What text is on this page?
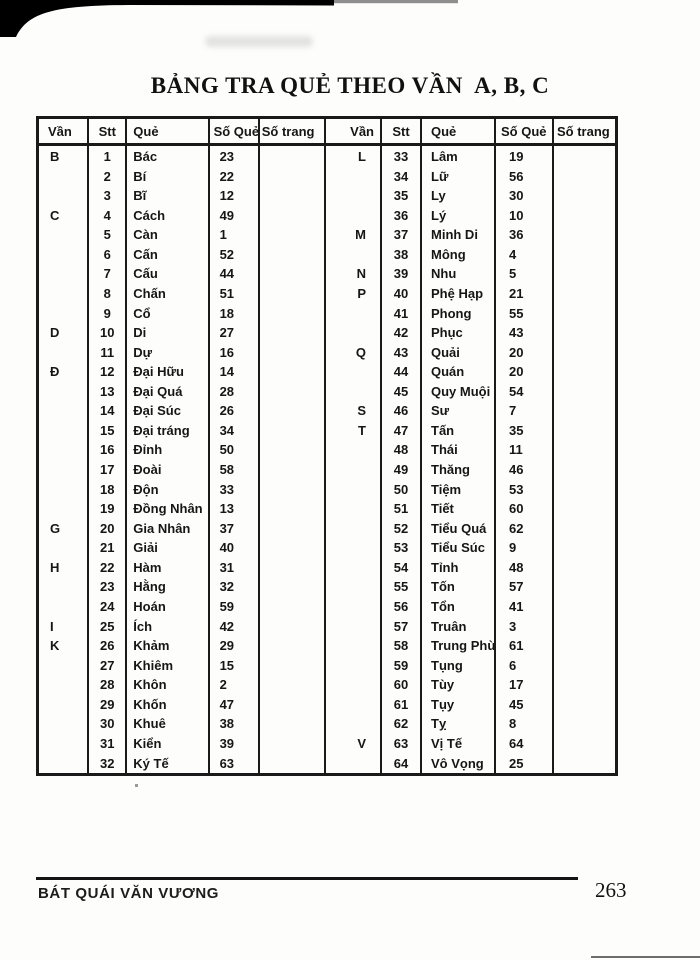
BẢNG TRA QUẺ THEO VẦN  A, B, C
Vần	Stt	Quẻ	Số Quẻ	Số trang
B	1	Bác	23	
	2	Bí	22	
	3	Bĩ	12	
C	4	Cách	49	
	5	Càn	1	
	6	Cấn	52	
	7	Cấu	44	
	8	Chấn	51	
	9	Cổ	18	
D	10	Di	27	
	11	Dự	16	
Đ	12	Đại Hữu	14	
	13	Đại Quá	28	
	14	Đại Súc	26	
	15	Đại tráng	34	
	16	Đỉnh	50	
	17	Đoài	58	
	18	Độn	33	
	19	Đồng Nhân	13	
G	20	Gia Nhân	37	
	21	Giải	40	
H	22	Hàm	31	
	23	Hằng	32	
	24	Hoán	59	
I	25	Ích	42	
K	26	Khảm	29	
	27	Khiêm	15	
	28	Khôn	2	
	29	Khốn	47	
	30	Khuê	38	
	31	Kiển	39	
	32	Ký Tế	63	
Vần	Stt	Quẻ	Số Quẻ	Số trang
L	33	Lâm	19	
	34	Lữ	56	
	35	Ly	30	
	36	Lý	10	
M	37	Minh Di	36	
	38	Mông	4	
N	39	Nhu	5	
P	40	Phệ Hạp	21	
	41	Phong	55	
	42	Phục	43	
Q	43	Quải	20	
	44	Quán	20	
	45	Quy Muội	54	
S	46	Sư	7	
T	47	Tấn	35	
	48	Thái	11	
	49	Thăng	46	
	50	Tiệm	53	
	51	Tiết	60	
	52	Tiểu Quá	62	
	53	Tiểu Súc	9	
	54	Tỉnh	48	
	55	Tốn	57	
	56	Tổn	41	
	57	Truân	3	
	58	Trung Phù	61	
	59	Tụng	6	
	60	Tùy	17	
	61	Tụy	45	
	62	Tỵ	8	
V	63	Vị Tế	64	
	64	Vô Vọng	25	
BÁT QUÁI VĂN VƯƠNG	263
